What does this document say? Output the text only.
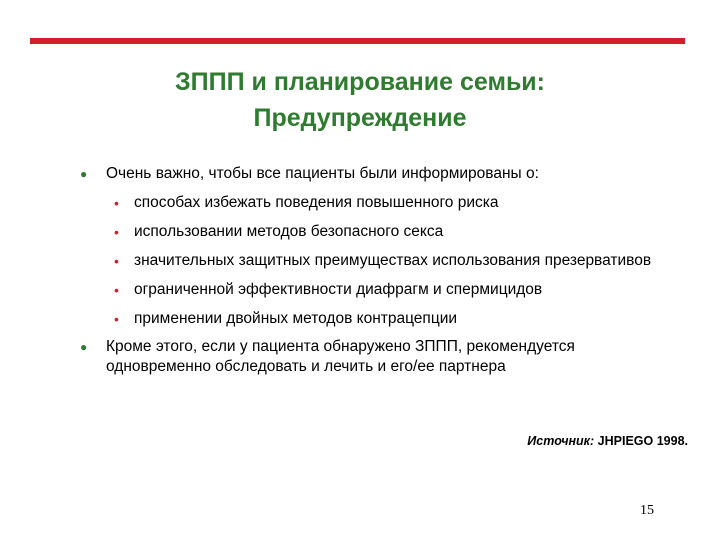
ЗППП и планирование семьи:
Предупреждение
● Очень важно, чтобы все пациенты были информированы о:
• способах избежать поведения повышенного риска
• использовании методов безопасного секса
• значительных защитных преимуществах использования презервативов
• ограниченной эффективности диафрагм и спермицидов
• применении двойных методов контрацепции
● Кроме этого, если у пациента обнаружено ЗППП, рекомендуется одновременно обследовать и лечить и его/ее партнера
Источник: JHPIEGO 1998.
15
